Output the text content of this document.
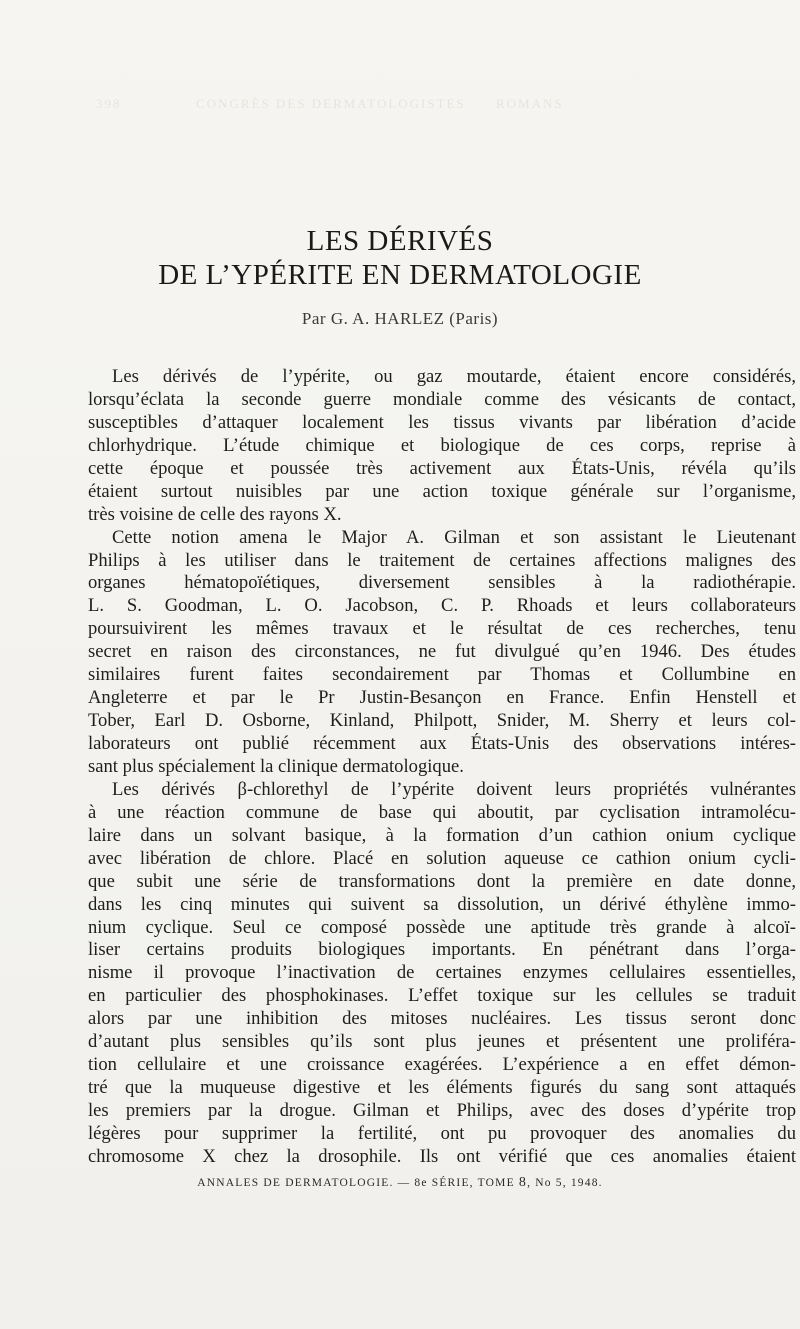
398	CONGRÈS DES DERMATOLOGISTES ROMANS
LES DÉRIVÉS
DE L’YPÉRITE EN DERMATOLOGIE
Par G. A. HARLEZ (Paris)
Les dérivés de l’ypérite, ou gaz moutarde, étaient encore considérés,
lorsqu’éclata la seconde guerre mondiale comme des vésicants de contact,
susceptibles d’attaquer localement les tissus vivants par libération d’acide
chlorhydrique. L’étude chimique et biologique de ces corps, reprise à
cette époque et poussée très activement aux États-Unis, révéla qu’ils
étaient surtout nuisibles par une action toxique générale sur l’organisme,
très voisine de celle des rayons X.
Cette notion amena le Major A. Gilman et son assistant le Lieutenant
Philips à les utiliser dans le traitement de certaines affections malignes des
organes hématopoïétiques, diversement sensibles à la radiothérapie.
L. S. Goodman, L. O. Jacobson, C. P. Rhoads et leurs collaborateurs
poursuivirent les mêmes travaux et le résultat de ces recherches, tenu
secret en raison des circonstances, ne fut divulgué qu’en 1946. Des études
similaires furent faites secondairement par Thomas et Collumbine en
Angleterre et par le Pr Justin-Besançon en France. Enfin Henstell et
Tober, Earl D. Osborne, Kinland, Philpott, Snider, M. Sherry et leurs col-
laborateurs ont publié récemment aux États-Unis des observations intéres-
sant plus spécialement la clinique dermatologique.
Les dérivés β-chlorethyl de l’ypérite doivent leurs propriétés vulnérantes
à une réaction commune de base qui aboutit, par cyclisation intramolécu-
laire dans un solvant basique, à la formation d’un cathion onium cyclique
avec libération de chlore. Placé en solution aqueuse ce cathion onium cycli-
que subit une série de transformations dont la première en date donne,
dans les cinq minutes qui suivent sa dissolution, un dérivé éthylène immo-
nium cyclique. Seul ce composé possède une aptitude très grande à alcoï-
liser certains produits biologiques importants. En pénétrant dans l’orga-
nisme il provoque l’inactivation de certaines enzymes cellulaires essentielles,
en particulier des phosphokinases. L’effet toxique sur les cellules se traduit
alors par une inhibition des mitoses nucléaires. Les tissus seront donc
d’autant plus sensibles qu’ils sont plus jeunes et présentent une proliféra-
tion cellulaire et une croissance exagérées. L’expérience a en effet démon-
tré que la muqueuse digestive et les éléments figurés du sang sont attaqués
les premiers par la drogue. Gilman et Philips, avec des doses d’ypérite trop
légères pour supprimer la fertilité, ont pu provoquer des anomalies du
chromosome X chez la drosophile. Ils ont vérifié que ces anomalies étaient
ANNALES DE DERMATOLOGIE. — 8e SÉRIE, TOME 8, No 5, 1948.
